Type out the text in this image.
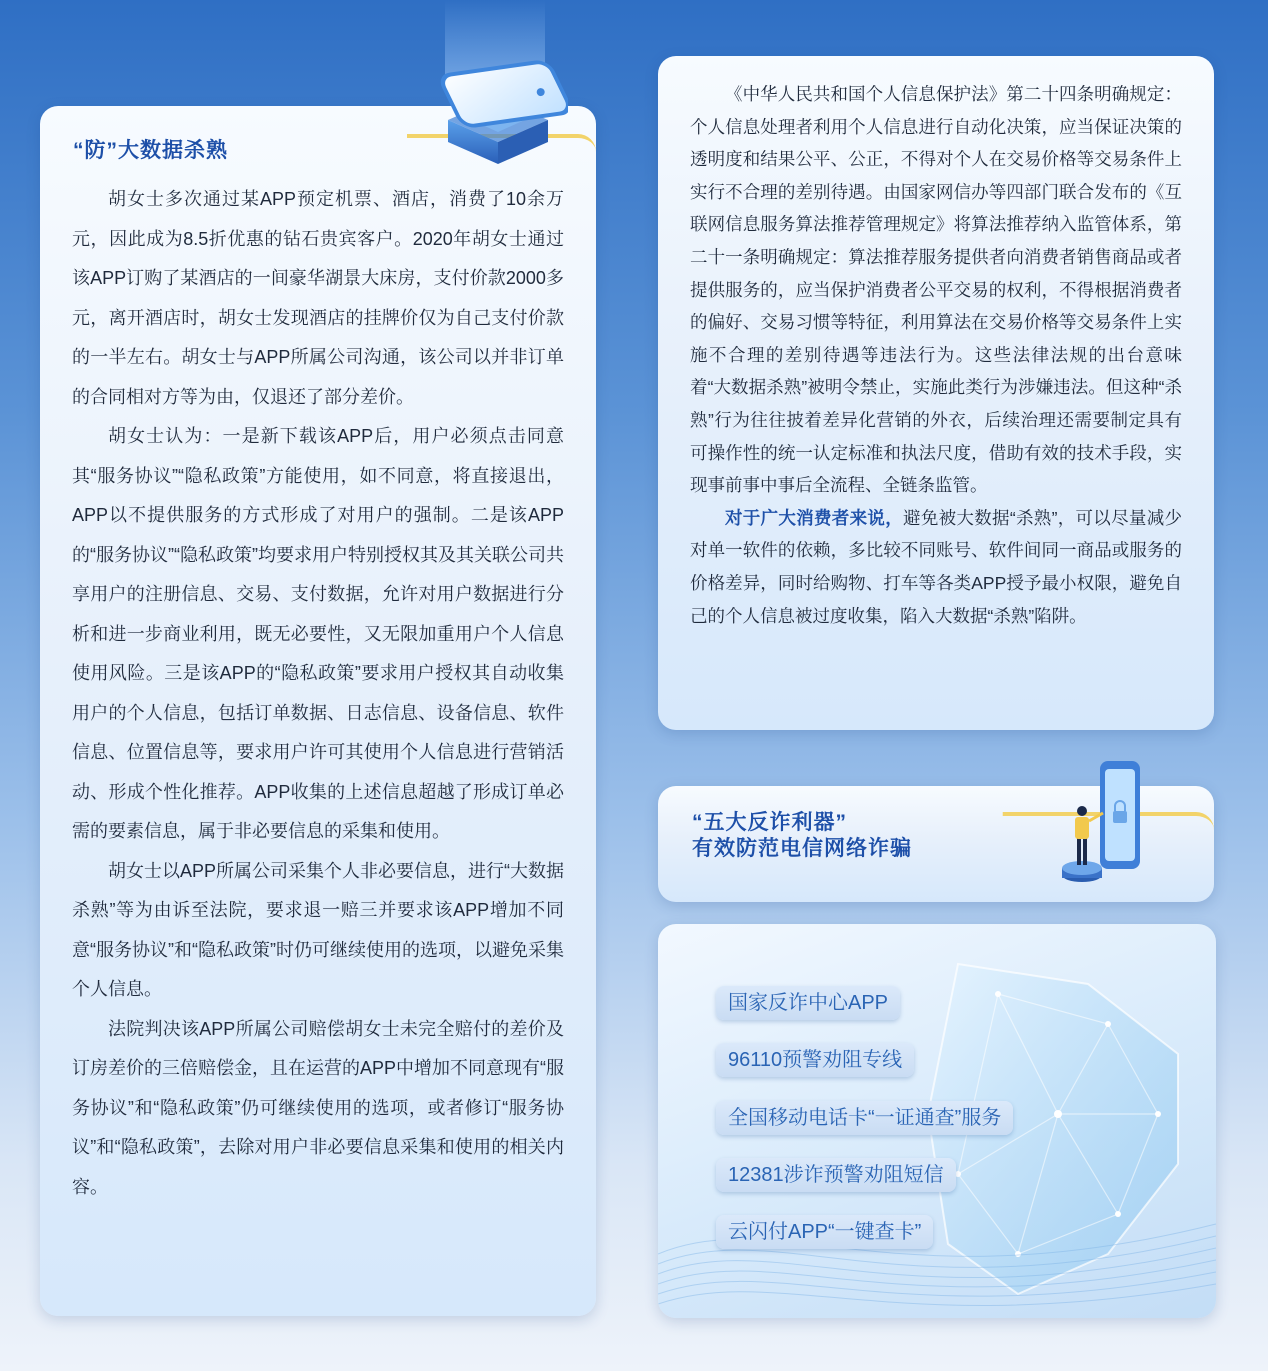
“防”大数据杀熟

胡女士多次通过某APP预定机票、酒店，消费了10余万元，因此成为8.5折优惠的钻石贵宾客户。2020年胡女士通过该APP订购了某酒店的一间豪华湖景大床房，支付价款2000多元，离开酒店时，胡女士发现酒店的挂牌价仅为自己支付价款的一半左右。胡女士与APP所属公司沟通，该公司以并非订单的合同相对方等为由，仅退还了部分差价。

胡女士认为：一是新下载该APP后，用户必须点击同意其“服务协议”“隐私政策”方能使用，如不同意，将直接退出，APP以不提供服务的方式形成了对用户的强制。二是该APP的“服务协议”“隐私政策”均要求用户特别授权其及其关联公司共享用户的注册信息、交易、支付数据，允许对用户数据进行分析和进一步商业利用，既无必要性，又无限加重用户个人信息使用风险。三是该APP的“隐私政策”要求用户授权其自动收集用户的个人信息，包括订单数据、日志信息、设备信息、软件信息、位置信息等，要求用户许可其使用个人信息进行营销活动、形成个性化推荐。APP收集的上述信息超越了形成订单必需的要素信息，属于非必要信息的采集和使用。

胡女士以APP所属公司采集个人非必要信息，进行“大数据杀熟”等为由诉至法院，要求退一赔三并要求该APP增加不同意“服务协议”和“隐私政策”时仍可继续使用的选项，以避免采集个人信息。

法院判决该APP所属公司赔偿胡女士未完全赔付的差价及订房差价的三倍赔偿金，且在运营的APP中增加不同意现有“服务协议”和“隐私政策”仍可继续使用的选项，或者修订“服务协议”和“隐私政策”，去除对用户非必要信息采集和使用的相关内容。

《中华人民共和国个人信息保护法》第二十四条明确规定：个人信息处理者利用个人信息进行自动化决策，应当保证决策的透明度和结果公平、公正，不得对个人在交易价格等交易条件上实行不合理的差别待遇。由国家网信办等四部门联合发布的《互联网信息服务算法推荐管理规定》将算法推荐纳入监管体系，第二十一条明确规定：算法推荐服务提供者向消费者销售商品或者提供服务的，应当保护消费者公平交易的权利，不得根据消费者的偏好、交易习惯等特征，利用算法在交易价格等交易条件上实施不合理的差别待遇等违法行为。这些法律法规的出台意味着“大数据杀熟”被明令禁止，实施此类行为涉嫌违法。但这种“杀熟”行为往往披着差异化营销的外衣，后续治理还需要制定具有可操作性的统一认定标准和执法尺度，借助有效的技术手段，实现事前事中事后全流程、全链条监管。

对于广大消费者来说，避免被大数据“杀熟”，可以尽量减少对单一软件的依赖，多比较不同账号、软件间同一商品或服务的价格差异，同时给购物、打车等各类APP授予最小权限，避免自己的个人信息被过度收集，陷入大数据“杀熟”陷阱。

“五大反诈利器”
有效防范电信网络诈骗
国家反诈中心APP
96110预警劝阻专线
全国移动电话卡“一证通查”服务
12381涉诈预警劝阻短信
云闪付APP“一键查卡”
